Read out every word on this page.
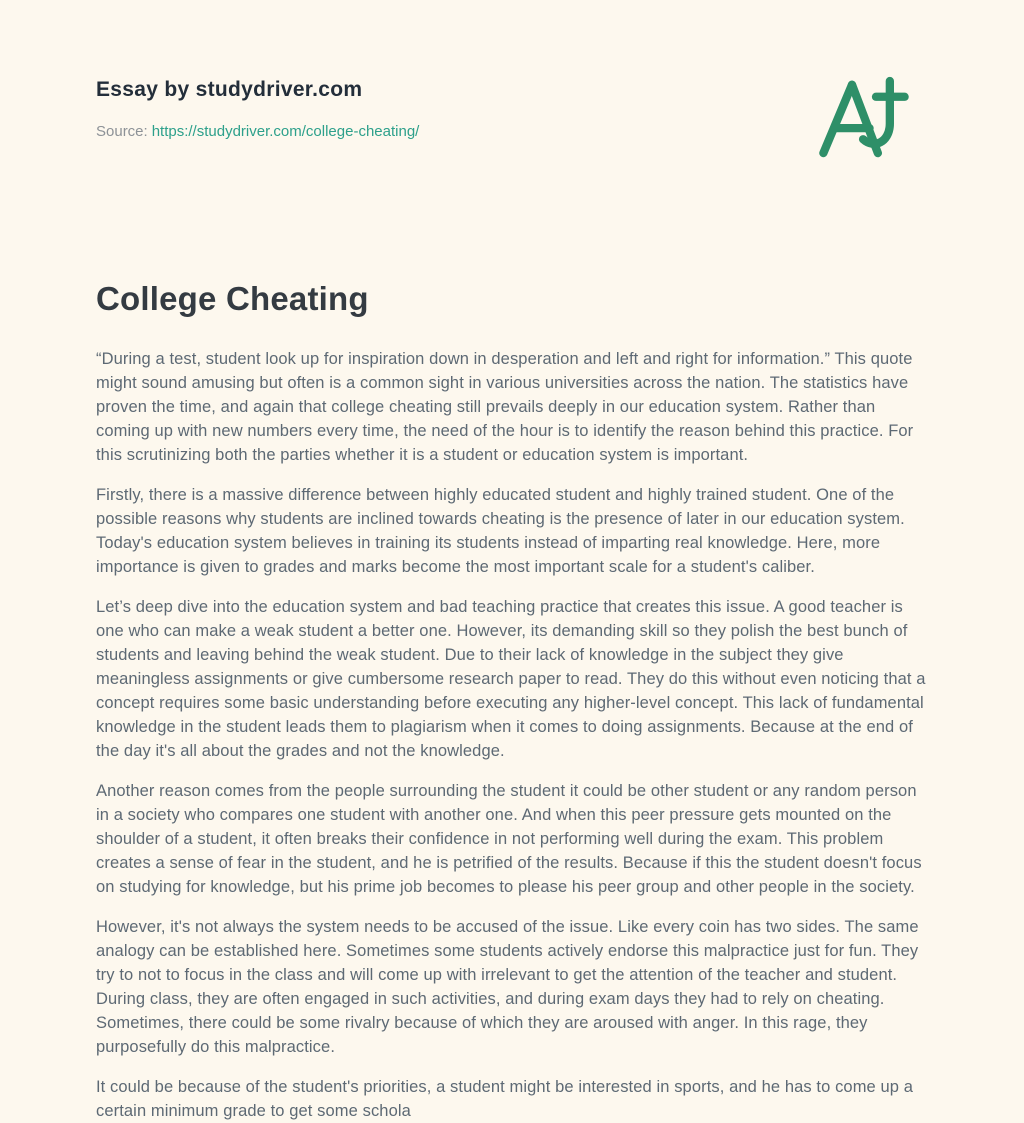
Essay by studydriver.com
Source: https://studydriver.com/college-cheating/
College Cheating

“During a test, student look up for inspiration down in desperation and left and right for information.” This quote might sound amusing but often is a common sight in various universities across the nation. The statistics have proven the time, and again that college cheating still prevails deeply in our education system. Rather than coming up with new numbers every time, the need of the hour is to identify the reason behind this practice. For this scrutinizing both the parties whether it is a student or education system is important.

Firstly, there is a massive difference between highly educated student and highly trained student. One of the possible reasons why students are inclined towards cheating is the presence of later in our education system. Today's education system believes in training its students instead of imparting real knowledge. Here, more importance is given to grades and marks become the most important scale for a student's caliber.

Let’s deep dive into the education system and bad teaching practice that creates this issue. A good teacher is one who can make a weak student a better one. However, its demanding skill so they polish the best bunch of students and leaving behind the weak student. Due to their lack of knowledge in the subject they give meaningless assignments or give cumbersome research paper to read. They do this without even noticing that a concept requires some basic understanding before executing any higher-level concept. This lack of fundamental knowledge in the student leads them to plagiarism when it comes to doing assignments. Because at the end of the day it's all about the grades and not the knowledge.

Another reason comes from the people surrounding the student it could be other student or any random person in a society who compares one student with another one. And when this peer pressure gets mounted on the shoulder of a student, it often breaks their confidence in not performing well during the exam. This problem creates a sense of fear in the student, and he is petrified of the results. Because if this the student doesn't focus on studying for knowledge, but his prime job becomes to please his peer group and other people in the society.

However, it's not always the system needs to be accused of the issue. Like every coin has two sides. The same analogy can be established here. Sometimes some students actively endorse this malpractice just for fun. They try to not to focus in the class and will come up with irrelevant to get the attention of the teacher and student. During class, they are often engaged in such activities, and during exam days they had to rely on cheating. Sometimes, there could be some rivalry because of which they are aroused with anger. In this rage, they purposefully do this malpractice.

It could be because of the student's priorities, a student might be interested in sports, and he has to come up a certain minimum grade to get some schola
